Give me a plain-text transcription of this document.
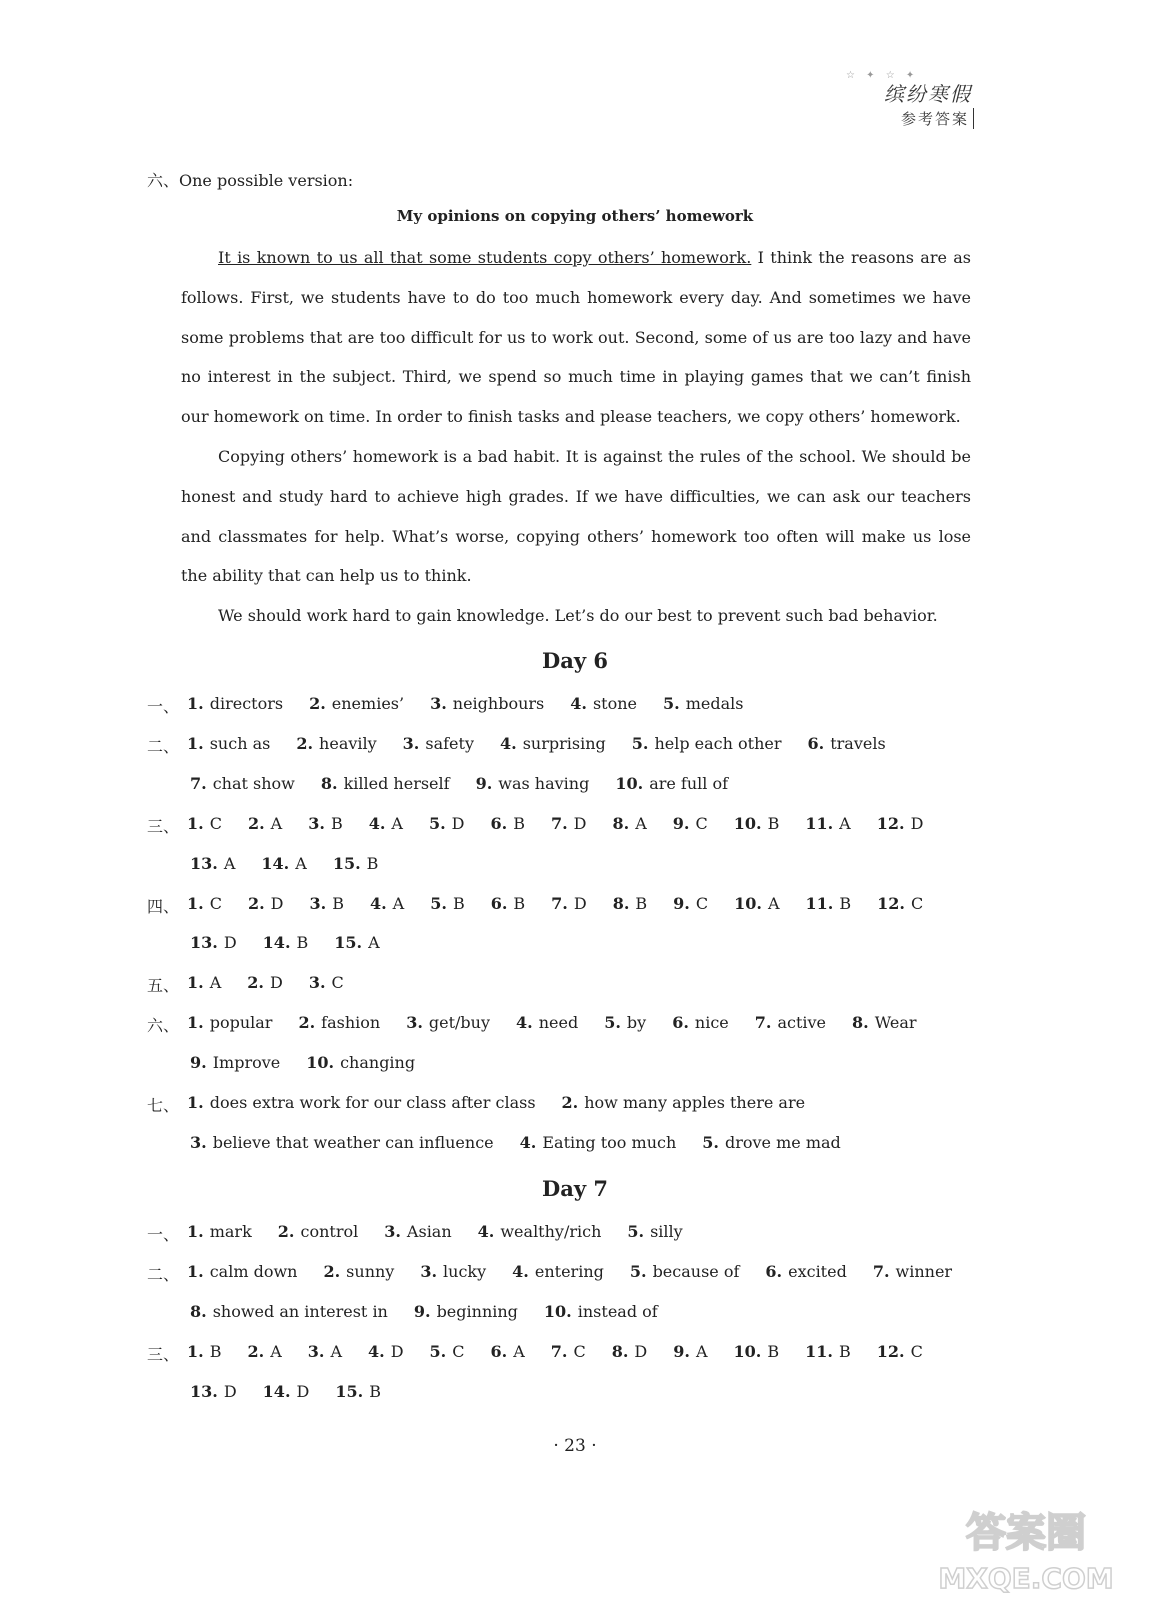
☆ ✦ ☆ ✦
缤纷寒假
参考答案
六、One possible version:
My opinions on copying others’ homework

It is known to us all that some students copy others’ homework. I think the reasons are as follows. First, we students have to do too much homework every day. And sometimes we have some problems that are too difficult for us to work out. Second, some of us are too lazy and have no interest in the subject. Third, we spend so much time in playing games that we can’t finish our homework on time. In order to finish tasks and please teachers, we copy others’ homework.

Copying others’ homework is a bad habit. It is against the rules of the school. We should be honest and study hard to achieve high grades. If we have difficulties, we can ask our teachers and classmates for help. What’s worse, copying others’ homework too often will make us lose the ability that can help us to think.

We should work hard to gain knowledge. Let’s do our best to prevent such bad behavior.

Day 6
一、 1. directors 2. enemies’ 3. neighbours 4. stone 5. medals
二、 1. such as 2. heavily 3. safety 4. surprising 5. help each other 6. travels
7. chat show 8. killed herself 9. was having 10. are full of
三、 1. C 2. A 3. B 4. A 5. D 6. B 7. D 8. A 9. C 10. B 11. A 12. D
13. A 14. A 15. B
四、 1. C 2. D 3. B 4. A 5. B 6. B 7. D 8. B 9. C 10. A 11. B 12. C
13. D 14. B 15. A
五、 1. A 2. D 3. C
六、 1. popular 2. fashion 3. get/buy 4. need 5. by 6. nice 7. active 8. Wear
9. Improve 10. changing
七、 1. does extra work for our class after class 2. how many apples there are
3. believe that weather can influence 4. Eating too much 5. drove me mad
Day 7
一、 1. mark 2. control 3. Asian 4. wealthy/rich 5. silly
二、 1. calm down 2. sunny 3. lucky 4. entering 5. because of 6. excited 7. winner
8. showed an interest in 9. beginning 10. instead of
三、 1. B 2. A 3. A 4. D 5. C 6. A 7. C 8. D 9. A 10. B 11. B 12. C
13. D 14. D 15. B
· 23 ·
答案圈
MXQE.COM
